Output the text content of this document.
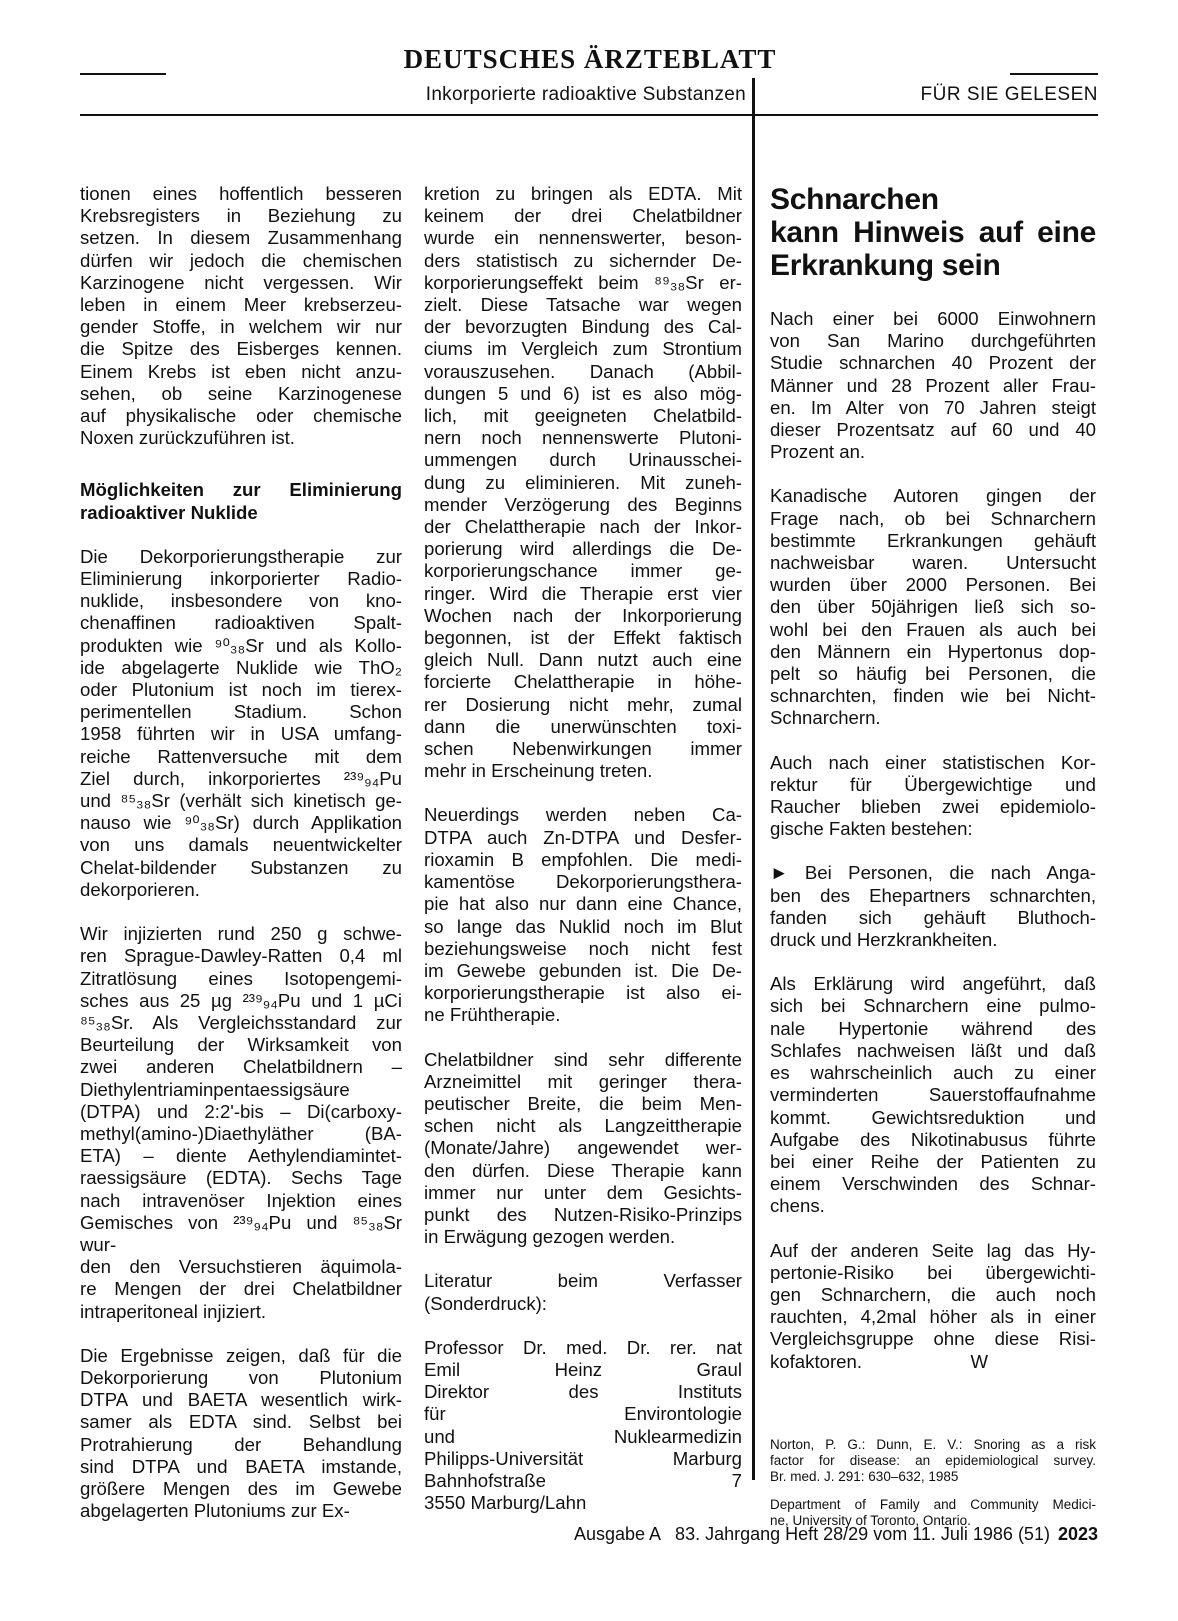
DEUTSCHES ÄRZTEBLATT
Inkorporierte radioaktive Substanzen	FÜR SIE GELESEN

tionen eines hoffentlich besseren
Krebsregisters in Beziehung zu
setzen. In diesem Zusammenhang
dürfen wir jedoch die chemischen
Karzinogene nicht vergessen. Wir
leben in einem Meer krebserzeu-
gender Stoffe, in welchem wir nur
die Spitze des Eisberges kennen.
Einem Krebs ist eben nicht anzu-
sehen, ob seine Karzinogenese
auf physikalische oder chemische
Noxen zurückzuführen ist.

Möglichkeiten zur Eliminierung
radioaktiver Nuklide

Die Dekorporierungstherapie zur
Eliminierung inkorporierter Radio-
nuklide, insbesondere von kno-
chenaffinen radioaktiven Spalt-
produkten wie ⁹⁰₃₈Sr und als Kollo-
ide abgelagerte Nuklide wie ThO₂
oder Plutonium ist noch im tierex-
perimentellen Stadium. Schon
1958 führten wir in USA umfang-
reiche Rattenversuche mit dem
Ziel durch, inkorporiertes ²³⁹₉₄Pu
und ⁸⁵₃₈Sr (verhält sich kinetisch ge-
nauso wie ⁹⁰₃₈Sr) durch Applikation
von uns damals neuentwickelter
Chelat-bildender Substanzen zu
dekorporieren.

Wir injizierten rund 250 g schwe-
ren Sprague-Dawley-Ratten 0,4 ml
Zitratlösung eines Isotopengemi-
sches aus 25 µg ²³⁹₉₄Pu und 1 µCi
⁸⁵₃₈Sr. Als Vergleichsstandard zur
Beurteilung der Wirksamkeit von
zwei anderen Chelatbildnern –
Diethylentriaminpentaessigsäure
(DTPA) und 2:2'-bis – Di(carboxy-
methyl(amino-)Diaethyläther (BA-
ETA) – diente Aethylendiamintet-
raessigsäure (EDTA). Sechs Tage
nach intravenöser Injektion eines
Gemisches von ²³⁹₉₄Pu und ⁸⁵₃₈Sr wur-
den den Versuchstieren äquimola-
re Mengen der drei Chelatbildner
intraperitoneal injiziert.

Die Ergebnisse zeigen, daß für die
Dekorporierung von Plutonium
DTPA und BAETA wesentlich wirk-
samer als EDTA sind. Selbst bei
Protrahierung der Behandlung
sind DTPA und BAETA imstande,
größere Mengen des im Gewebe
abgelagerten Plutoniums zur Ex-

kretion zu bringen als EDTA. Mit
keinem der drei Chelatbildner
wurde ein nennenswerter, beson-
ders statistisch zu sichernder De-
korporierungseffekt beim ⁸⁹₃₈Sr er-
zielt. Diese Tatsache war wegen
der bevorzugten Bindung des Cal-
ciums im Vergleich zum Strontium
vorauszusehen. Danach (Abbil-
dungen 5 und 6) ist es also mög-
lich, mit geeigneten Chelatbild-
nern noch nennenswerte Plutoni-
ummengen durch Urinausschei-
dung zu eliminieren. Mit zuneh-
mender Verzögerung des Beginns
der Chelattherapie nach der Inkor-
porierung wird allerdings die De-
korporierungschance immer ge-
ringer. Wird die Therapie erst vier
Wochen nach der Inkorporierung
begonnen, ist der Effekt faktisch
gleich Null. Dann nutzt auch eine
forcierte Chelattherapie in höhe-
rer Dosierung nicht mehr, zumal
dann die unerwünschten toxi-
schen Nebenwirkungen immer
mehr in Erscheinung treten.

Neuerdings werden neben Ca-
DTPA auch Zn-DTPA und Desfer-
rioxamin B empfohlen. Die medi-
kamentöse Dekorporierungsthera-
pie hat also nur dann eine Chance,
so lange das Nuklid noch im Blut
beziehungsweise noch nicht fest
im Gewebe gebunden ist. Die De-
korporierungstherapie ist also ei-
ne Frühtherapie.

Chelatbildner sind sehr differente
Arzneimittel mit geringer thera-
peutischer Breite, die beim Men-
schen nicht als Langzeittherapie
(Monate/Jahre) angewendet wer-
den dürfen. Diese Therapie kann
immer nur unter dem Gesichts-
punkt des Nutzen-Risiko-Prinzips
in Erwägung gezogen werden.

Literatur beim Verfasser
(Sonderdruck):

Professor Dr. med. Dr. rer. nat
Emil Heinz Graul
Direktor des Instituts
für Environtologie
und Nuklearmedizin
Philipps-Universität Marburg
Bahnhofstraße 7
3550 Marburg/Lahn

Schnarchen
kann Hinweis auf eine
Erkrankung sein

Nach einer bei 6000 Einwohnern
von San Marino durchgeführten
Studie schnarchen 40 Prozent der
Männer und 28 Prozent aller Frau-
en. Im Alter von 70 Jahren steigt
dieser Prozentsatz auf 60 und 40
Prozent an.

Kanadische Autoren gingen der
Frage nach, ob bei Schnarchern
bestimmte Erkrankungen gehäuft
nachweisbar waren. Untersucht
wurden über 2000 Personen. Bei
den über 50jährigen ließ sich so-
wohl bei den Frauen als auch bei
den Männern ein Hypertonus dop-
pelt so häufig bei Personen, die
schnarchten, finden wie bei Nicht-
Schnarchern.

Auch nach einer statistischen Kor-
rektur für Übergewichtige und
Raucher blieben zwei epidemiolo-
gische Fakten bestehen:

► Bei Personen, die nach Anga-
ben des Ehepartners schnarchten,
fanden sich gehäuft Bluthoch-
druck und Herzkrankheiten.

Als Erklärung wird angeführt, daß
sich bei Schnarchern eine pulmo-
nale Hypertonie während des
Schlafes nachweisen läßt und daß
es wahrscheinlich auch zu einer
verminderten Sauerstoffaufnahme
kommt. Gewichtsreduktion und
Aufgabe des Nikotinabusus führte
bei einer Reihe der Patienten zu
einem Verschwinden des Schnar-
chens.

Auf der anderen Seite lag das Hy-
pertonie-Risiko bei übergewichti-
gen Schnarchern, die auch noch
rauchten, 4,2mal höher als in einer
Vergleichsgruppe ohne diese Risi-
kofaktoren.                     W

Norton, P. G.: Dunn, E. V.: Snoring as a risk
factor for disease: an epidemiological survey.
Br. med. J. 291: 630–632, 1985

Department of Family and Community Medici-
ne, University of Toronto, Ontario.

Ausgabe A   83. Jahrgang Heft 28/29 vom 11. Juli 1986 (51) 2023
